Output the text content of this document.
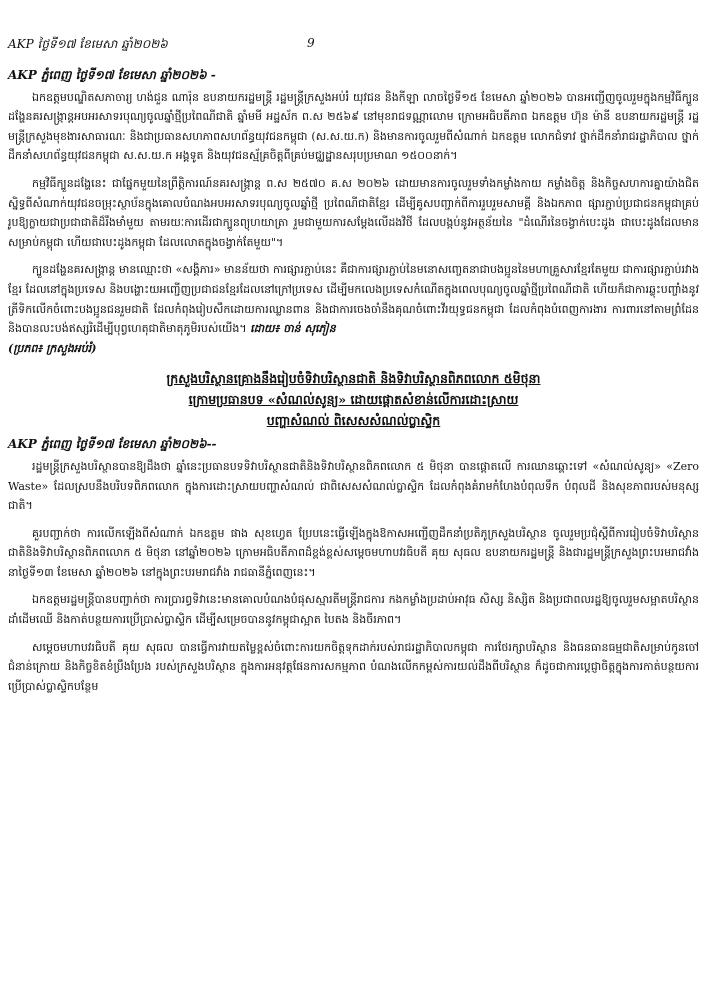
AKP ថ្ងៃទី១៧ ខែមេសា ឆ្នាំ២០២៦	9

AKP ភ្នំពេញ ថ្ងៃទី១៧ ខែមេសា ឆ្នាំ២០២៦ -

ឯកឧត្តមបណ្ឌិតសភាចារ្យ ហង់ជួន ណារ៉ុន ឧបនាយករដ្ឋមន្ត្រី រដ្ឋមន្ត្រីក្រសួងអប់រំ យុវជន និងកីឡា លាចថ្ងៃទី១៥ ខែមេសា ឆ្នាំ២០២៦ បានអញ្ជើញចូលរួមក្នុងកម្មវិធីក្បួនដង្ហែនគរសង្ក្រាន្តអបអរសាទរបុណ្យចូលឆ្នាំថ្មីប្រពៃណីជាតិ ឆ្នាំមមី អដ្ឋស័ក ព.ស ២៥៦៩ នៅមុខរាជទណ្ណាលោម ក្រោមអធិបតីភាព ឯកឧត្តម ហ៊ុន ម៉ានី ឧបនាយករដ្ឋមន្ត្រី រដ្ឋមន្ត្រីក្រសួងមុខងារសាធារណៈ និងជាប្រធានសហភាពសហព័ន្ធយុវជនកម្ពុជា (ស.ស.យ.ក) និងមានការចូលរួមពីសំណាក់ ឯកឧត្តម លោកជំទាវ ថ្នាក់ដឹកនាំរាជរដ្ឋាភិបាល ថ្នាក់ដឹកនាំសហព័ន្ធយុវជនកម្ពុជា ស.ស.យ.ក អង្គទូត និងយុវជនស្ម័គ្រចិត្តពីគ្រប់មជ្ឈដ្ឋានសរុបប្រមាណ ១៥០០នាក់។

កម្មវិធីក្បួនដង្ហែនេះ ជាផ្នែកមួយនៃព្រឹត្តិការណ៍នគរសង្ក្រាន្ត ព.ស ២៥៧០ គ.ស ២០២៦ ដោយមានការចូលរួមទាំងកម្លាំងកាយ កម្លាំងចិត្ត និងកិច្ចសហការគ្នាយ៉ាងជិតស្និទ្ធពីសំណាក់យុវជនចម្រុះស្ថាប័នក្នុងគោលបំណងអបអរសាទរបុណ្យចូលឆ្នាំថ្មី ប្រពៃណីជាតិខ្មែរ ដើម្បីគូសបញ្ជាក់ពីការរួបរួមសាមគ្គី និងឯកភាព ផ្សារភ្ជាប់ប្រជាជនកម្ពុជាគ្រប់រូបឱ្យក្លាយជាប្រជាជាតិដ៏រឹងមាំមួយ តាមរយៈការដើរជាក្បួនព្យុហយាត្រា រួមជាមួយការសម្តែងលើដងវិថី ដែលបង្កប់នូវអត្ថន័យនៃ "ដំណើរនៃចង្វាក់បេះដូង ជាបេះដូងដែលមានសម្រាប់កម្ពុជា ហើយជាបេះដូងកម្ពុជា ដែលលោតក្នុងចង្វាក់តែមួយ"។

ក្បួនដង្ហែនគរសង្ក្រាន្ត មានឈ្មោះថា «សង្គិភារ» មានន័យថា ការផ្សារភ្ជាប់នេះ គឺជាការផ្សារភ្ជាប់នៃមនោសញ្ចេតនាជាបងប្អូននៃមហាគ្រួសារខ្មែរតែមួយ ជាការផ្សារភ្ជាប់រវាងខ្មែរ ដែលនៅក្នុងប្រទេស និងបង្ហោះយអញ្ជើញប្រជាជនខ្មែរដែលនៅក្រៅប្រទេស ដើម្បីមកលេងប្រទេសកំណើតក្នុងពេលបុណ្យចូលឆ្នាំថ្មីប្រពៃណីជាតិ ហើយក៏ជាការឆ្លុះបញ្ចាំងនូវត្រីទិកលើកចំពោះបងប្អូនជនរួមជាតិ ដែលកំពុងរៀបសឹកដោយការឈ្លានពាន និងជាការចេងចាំនឹងគុណចំពោះវីរយុទ្ធជនកម្ពុជា ដែលកំពុងបំពេញការងារ ការពារនៅតាមព្រំដែន និងបានលះបង់ឥស្សរិដើម្បីបុព្វហេតុជាតិមាតុភូមិរបស់យើង។ ដោយ៖ ចាន់ សុភៀន
(ប្រភព៖ ក្រសួងអប់រំ)

ក្រសួងបរិស្ថានគ្រោងនឹងរៀបចំទិវាបរិស្ថានជាតិ និងទិវាបរិស្ថានពិភពលោក ៥មិថុនា
ក្រោមប្រធានបទ «សំណល់សូន្យ» ដោយផ្តោតសំខាន់លើការដោះស្រាយ
បញ្ហាសំណល់ ពិសេសសំណល់ប្លាស្ទិក

AKP ភ្នំពេញ ថ្ងៃទី១៧ ខែមេសា ឆ្នាំ២០២៦--

រដ្ឋមន្ត្រីក្រសួងបរិស្ថានបានឱ្យដឹងថា ឆ្នាំនេះប្រធានបទទិវាបរិស្ថានជាតិនិងទិវាបរិស្ថានពិភពលោក ៥ មិថុនា បានផ្តោតលើ ការឈានឆ្ពោះទៅ «សំណល់សូន្យ» «Zero Waste» ដែលស្របនឹងបរិបទពិភពលោក ក្នុងការដោះស្រាយបញ្ហាសំណល់ ជាពិសេសសំណល់ប្លាស្ទិក ដែលកំពុងគំរាមកំហែងបំពុលទឹក បំពុលដី និងសុខភាពរបស់មនុស្សជាតិ។

គួរបញ្ជាក់ថា ការលើកឡើងពីសំណាក់ ឯកឧត្តម ផាង សុខហ្វេត ប្រែបនេះធ្វើឡើងក្នុងឱកាសអញ្ជើញដឹកនាំប្រតិភូក្រសួងបរិស្ថាន ចូលរួមប្រជុំស្តីពីការរៀបចំទិវាបរិស្ថានជាតិនិងទិវាបរិស្ថានពិភពលោក ៥ មិថុនា នៅឆ្នាំ២០២៦ ក្រោមអធិបតីភាពដ៏ខ្ពង់ខ្ពស់សម្តេចមហាបវរធិបតី គុយ សុធល ឧបនាយករដ្ឋមន្ត្រី និងជារដ្ឋមន្ត្រីក្រសួងព្រះបរមរាជវាំង នាថ្ងៃទី១៣ ខែមេសា ឆ្នាំ២០២៦ នៅក្នុងព្រះបរមរាជវាំង រាជធានីភ្នំពេញនេះ។

ឯកឧត្តមរដ្ឋមន្ត្រីបានបញ្ជាក់ថា ការប្រារព្ធទិវានេះមានគោលបំណងបំផុសស្មារតីមន្ត្រីរាជការ កងកម្លាំងប្រដាប់អាវុធ សិស្ស និស្សិត និងប្រជាពលរដ្ឋឱ្យចូលរួមសម្អាតបរិស្ថាន ដាំដើមឈើ និងកាត់បន្ថយការប្រើប្រាស់ប្លាស្ទិក ដើម្បីសម្រេចបាននូវកម្ពុជាស្អាត បៃតង និងចីរភាព។

សម្តេចមហាបវរធិបតី គុយ សុធល បានធ្វើការវាយតម្លៃខ្ពស់ចំពោះការយកចិត្តទុកដាក់របស់រាជរដ្ឋាភិបាលកម្ពុជា ការថែរក្សាបរិស្ថាន និងធនធានធម្មជាតិសម្រាប់កូនចៅជំនាន់ក្រោយ និងកិច្ចខិតខំប្រឹងប្រែង របស់ក្រសួងបរិស្ថាន ក្នុងការអនុវត្តផែនការសកម្មភាព បំណងលើកកម្ពស់ការយល់ដឹងពីបរិស្ថាន ក៏ដូចជាការប្តេជ្ញាចិត្តក្នុងការកាត់បន្ថយការប្រើប្រាស់ប្លាស្ទិកបន្ថែម
